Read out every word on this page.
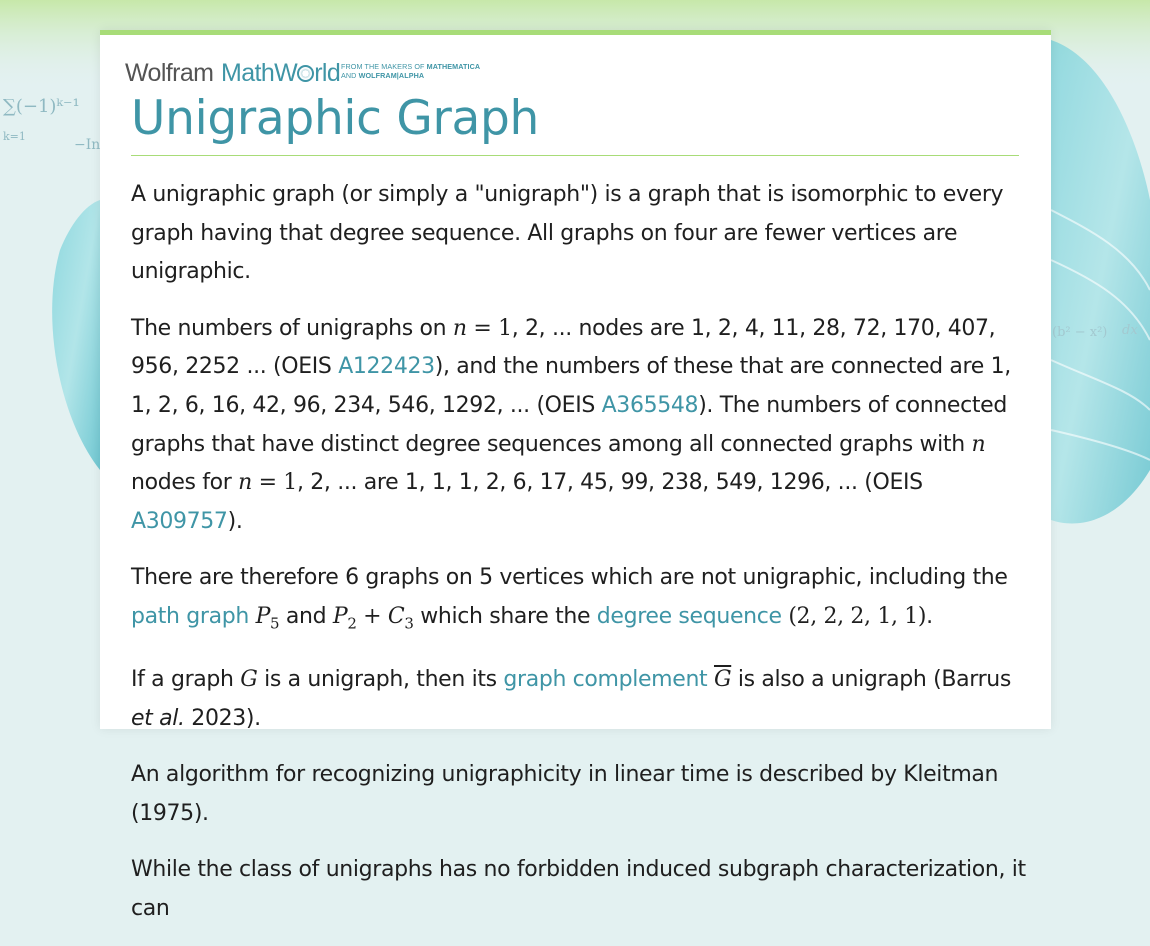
∑(−1)ᵏ⁻¹
k=1
−In
(b² − x²) dx
Wolfram MathW rld FROM THE MAKERS OF MATHEMATICA
AND WOLFRAM|ALPHA
Unigraphic Graph

A unigraphic graph (or simply a "unigraph") is a graph that is isomorphic to every graph having that degree sequence. All graphs on four are fewer vertices are unigraphic.

The numbers of unigraphs on n = 1, 2, ... nodes are 1, 2, 4, 11, 28, 72, 170, 407, 956, 2252 ... (OEIS A122423), and the numbers of these that are connected are 1, 1, 2, 6, 16, 42, 96, 234, 546, 1292, ... (OEIS A365548). The numbers of connected graphs that have distinct degree sequences among all connected graphs with n nodes for n = 1, 2, ... are 1, 1, 1, 2, 6, 17, 45, 99, 238, 549, 1296, ... (OEIS A309757).

There are therefore 6 graphs on 5 vertices which are not unigraphic, including the path graph $P_5$ and $P_2 + C_3$ which share the degree sequence (2, 2, 2, 1, 1).

If a graph G is a unigraph, then its graph complement $\overline{G}$ is also a unigraph (Barrus et al. 2023).

An algorithm for recognizing unigraphicity in linear time is described by Kleitman (1975).

While the class of unigraphs has no forbidden induced subgraph characterization, it can
